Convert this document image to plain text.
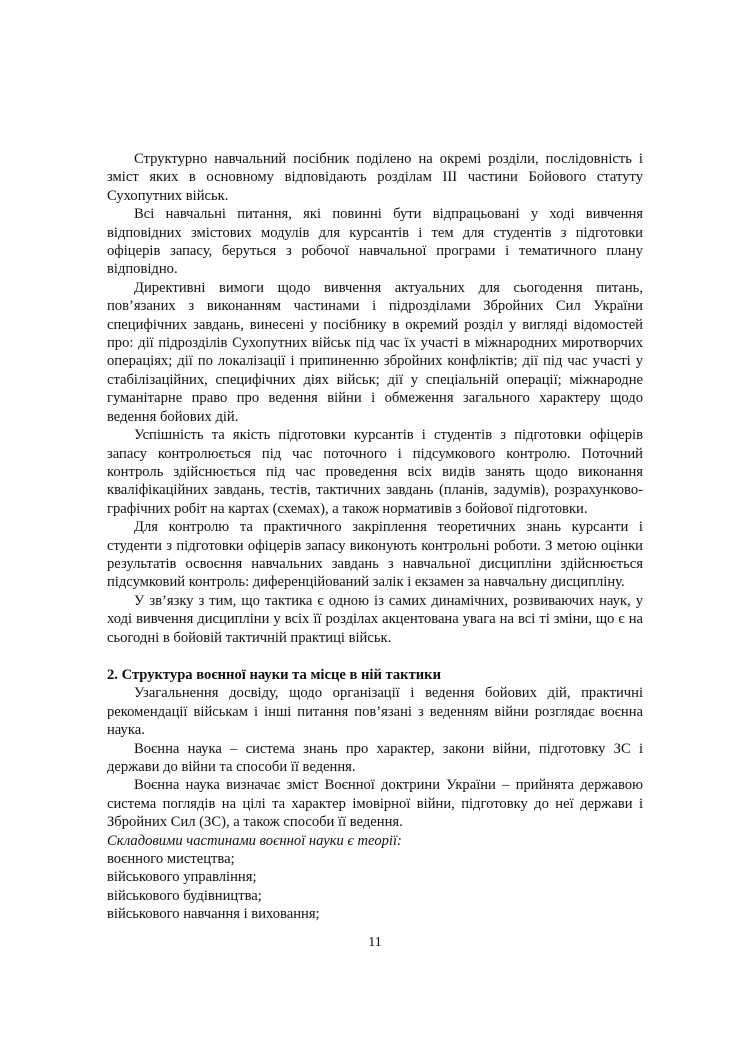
Структурно навчальний посібник поділено на окремі розділи, послідовність і зміст яких в основному відповідають розділам ІІІ частини Бойового статуту Сухопутних військ.

Всі навчальні питання, які повинні бути відпрацьовані у ході вивчення відповідних змістових модулів для курсантів і тем для студентів з підготовки офіцерів запасу, беруться з робочої навчальної програми і тематичного плану відповідно.

Директивні вимоги щодо вивчення актуальних для сьогодення питань, пов’язаних з виконанням частинами і підрозділами Збройних Сил України специфічних завдань, винесені у посібнику в окремий розділ у вигляді відомостей про: дії підрозділів Сухопутних військ під час їх участі в міжнародних миротворчих операціях; дії по локалізації і припиненню збройних конфліктів; дії під час участі у стабілізаційних, специфічних діях військ; дії у спеціальній операції; міжнародне гуманітарне право про ведення війни і обмеження загального характеру щодо ведення бойових дій.

Успішність та якість підготовки курсантів і студентів з підготовки офіцерів запасу контролюється під час поточного і підсумкового контролю. Поточний контроль здійснюється під час проведення всіх видів занять щодо виконання кваліфікаційних завдань, тестів, тактичних завдань (планів, задумів), розрахунково-графічних робіт на картах (схемах), а також нормативів з бойової підготовки.

Для контролю та практичного закріплення теоретичних знань курсанти і студенти з підготовки офіцерів запасу виконують контрольні роботи. З метою оцінки результатів освоєння навчальних завдань з навчальної дисципліни здійснюється підсумковий контроль: диференційований залік і екзамен за навчальну дисципліну.

У зв’язку з тим, що тактика є одною із самих динамічних, розвиваючих наук, у ході вивчення дисципліни у всіх її розділах акцентована увага на всі ті зміни, що є на сьогодні в бойовій тактичній практиці військ.

2. Структура воєнної науки та місце в ній тактики

Узагальнення досвіду, щодо організації і ведення бойових дій, практичні рекомендації військам і інші питання пов’язані з веденням війни розглядає воєнна наука.

Воєнна наука – система знань про характер, закони війни, підготовку ЗС і держави до війни та способи її ведення.

Воєнна наука визначає зміст Воєнної доктрини України – прийнята державою система поглядів на цілі та характер імовірної війни, підготовку до неї держави і Збройних Сил (ЗС), а також способи її ведення.

Складовими частинами воєнної науки є теорії:

воєнного мистецтва;

військового управління;

військового будівництва;

військового навчання і виховання;

11
